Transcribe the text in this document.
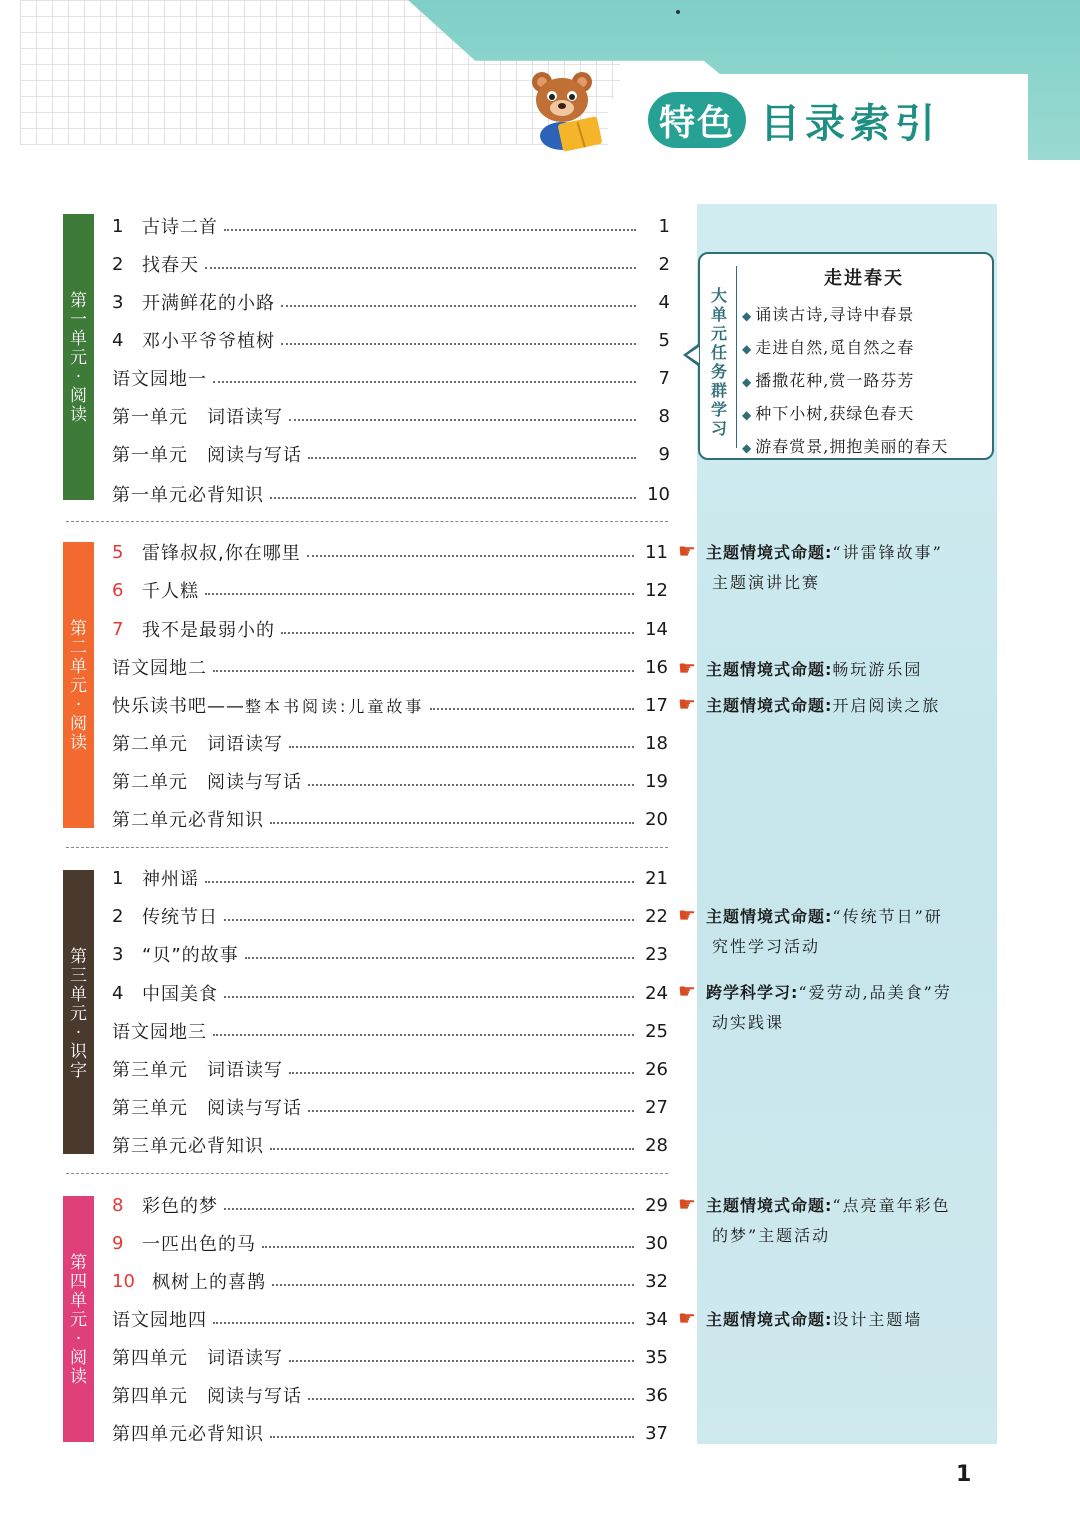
特色 目录索引

大单元任务群学习
走进春天
◆ 诵读古诗,寻诗中春景
◆ 走进自然,觅自然之春
◆ 播撒花种,赏一路芬芳
◆ 种下小树,获绿色春天
◆ 游春赏景,拥抱美丽的春天
第一单元·阅读
第二单元·阅读
第三单元·识字
第四单元·阅读
1	古诗二首	1
2	找春天	2
3	开满鲜花的小路	4
4	邓小平爷爷植树	5
语文园地一	7
第一单元　词语读写	8
第一单元　阅读与写话	9
第一单元必背知识	10
5	雷锋叔叔,你在哪里	11
6	千人糕	12
7	我不是最弱小的	14
语文园地二	16
快乐读书吧—— 整本书阅读:儿童故事	17
第二单元　词语读写	18
第二单元　阅读与写话	19
第二单元必背知识	20
1	神州谣	21
2	传统节日	22
3	“贝”的故事	23
4	中国美食	24
语文园地三	25
第三单元　词语读写	26
第三单元　阅读与写话	27
第三单元必背知识	28
8	彩色的梦	29
9	一匹出色的马	30
10 枫树上的喜鹊	32
语文园地四	34
第四单元　词语读写	35
第四单元　阅读与写话	36
第四单元必背知识	37
☛ 主题情境式命题:“讲雷锋故事”
主题演讲比赛
☛ 主题情境式命题:畅玩游乐园
☛ 主题情境式命题:开启阅读之旅
☛ 主题情境式命题:“传统节日”研
究性学习活动
☛ 跨学科学习:“爱劳动,品美食”劳
动实践课
☛ 主题情境式命题:“点亮童年彩色
的梦”主题活动
☛ 主题情境式命题:设计主题墙
1
